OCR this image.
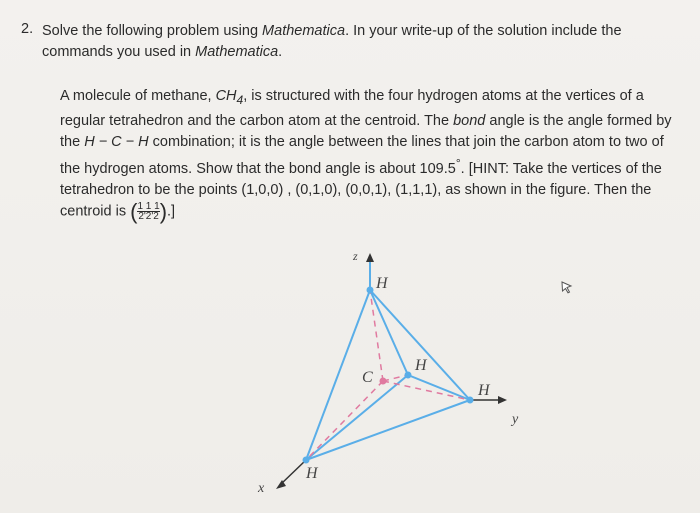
2. Solve the following problem using Mathematica. In your write-up of the solution include the commands you used in Mathematica.
A molecule of methane, $CH_4$, is structured with the four hydrogen atoms at the vertices of a regular tetrahedron and the carbon atom at the centroid. The bond angle is the angle formed by the H − C − H combination; it is the angle between the lines that join the carbon atom to two of the hydrogen atoms. Show that the bond angle is about 109.5°. [HINT: Take the vertices of the tetrahedron to be the points (1,0,0) , (0,1,0), (0,0,1), (1,1,1), as shown in the figure. Then the centroid is ( $\frac{1 1 1}{2'2'2}$ ).]
z
y
x
H
H
H
H
C
